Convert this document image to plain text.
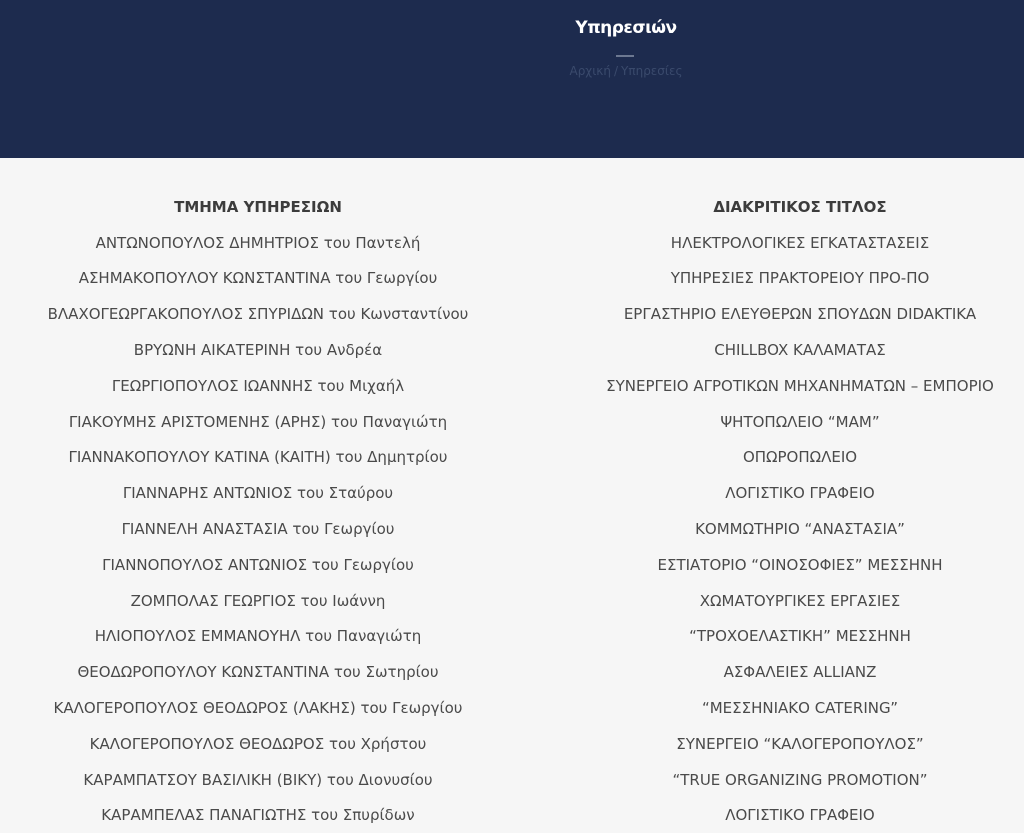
Υπηρεσιών
Αρχική / Υπηρεσίες
ΤΜΗΜΑ ΥΠΗΡΕΣΙΩΝ	ΔΙΑΚΡΙΤΙΚΟΣ ΤΙΤΛΟΣ
ΑΝΤΩΝΟΠΟΥΛΟΣ ΔΗΜΗΤΡΙΟΣ του Παντελή	ΗΛΕΚΤΡΟΛΟΓΙΚΕΣ ΕΓΚΑΤΑΣΤΑΣΕΙΣ
ΑΣΗΜΑΚΟΠΟΥΛΟΥ ΚΩΝΣΤΑΝΤΙΝΑ του Γεωργίου	ΥΠΗΡΕΣΙΕΣ ΠΡΑΚΤΟΡΕΙΟΥ ΠΡΟ-ΠΟ
ΒΛΑΧΟΓΕΩΡΓΑΚΟΠΟΥΛΟΣ ΣΠΥΡΙΔΩΝ του Κωνσταντίνου	ΕΡΓΑΣΤΗΡΙΟ ΕΛΕΥΘΕΡΩΝ ΣΠΟΥΔΩΝ DIDAKTIKA
ΒΡΥΩΝΗ ΑΙΚΑΤΕΡΙΝΗ του Ανδρέα	CHILLBOX ΚΑΛΑΜΑΤΑΣ
ΓΕΩΡΓΙΟΠΟΥΛΟΣ ΙΩΑΝΝΗΣ του Μιχαήλ	ΣΥΝΕΡΓΕΙΟ ΑΓΡΟΤΙΚΩΝ ΜΗΧΑΝΗΜΑΤΩΝ – ΕΜΠΟΡΙΟ
ΓΙΑΚΟΥΜΗΣ ΑΡΙΣΤΟΜΕΝΗΣ (ΑΡΗΣ) του Παναγιώτη	ΨΗΤΟΠΩΛΕΙΟ “ΜΑΜ”
ΓΙΑΝΝΑΚΟΠΟΥΛΟΥ ΚΑΤΙΝΑ (ΚΑΙΤΗ) του Δημητρίου	ΟΠΩΡΟΠΩΛΕΙΟ
ΓΙΑΝΝΑΡΗΣ ΑΝΤΩΝΙΟΣ του Σταύρου	ΛΟΓΙΣΤΙΚΟ ΓΡΑΦΕΙΟ
ΓΙΑΝΝΕΛΗ ΑΝΑΣΤΑΣΙΑ του Γεωργίου	ΚΟΜΜΩΤΗΡΙΟ “ΑΝΑΣΤΑΣΙΑ”
ΓΙΑΝΝΟΠΟΥΛΟΣ ΑΝΤΩΝΙΟΣ του Γεωργίου	ΕΣΤΙΑΤΟΡΙΟ “ΟΙΝΟΣΟΦΙΕΣ” ΜΕΣΣΗΝΗ
ΖΟΜΠΟΛΑΣ ΓΕΩΡΓΙΟΣ του Ιωάννη	ΧΩΜΑΤΟΥΡΓΙΚΕΣ ΕΡΓΑΣΙΕΣ
ΗΛΙΟΠΟΥΛΟΣ ΕΜΜΑΝΟΥΗΛ του Παναγιώτη	“ΤΡΟΧΟΕΛΑΣΤΙΚΗ” ΜΕΣΣΗΝΗ
ΘΕΟΔΩΡΟΠΟΥΛΟΥ ΚΩΝΣΤΑΝΤΙΝΑ του Σωτηρίου	ΑΣΦΑΛΕΙΕΣ ALLIANZ
ΚΑΛΟΓΕΡΟΠΟΥΛΟΣ ΘΕΟΔΩΡΟΣ (ΛΑΚΗΣ) του Γεωργίου	“ΜΕΣΣΗΝΙΑΚΟ CATERING”
ΚΑΛΟΓΕΡΟΠΟΥΛΟΣ ΘΕΟΔΩΡΟΣ του Χρήστου	ΣΥΝΕΡΓΕΙΟ “ΚΑΛΟΓΕΡΟΠΟΥΛΟΣ”
ΚΑΡΑΜΠΑΤΣΟΥ ΒΑΣΙΛΙΚΗ (ΒΙΚΥ) του Διονυσίου	“TRUE ORGANIZING PROMOTION”
ΚΑΡΑΜΠΕΛΑΣ ΠΑΝΑΓΙΩΤΗΣ του Σπυρίδων	ΛΟΓΙΣΤΙΚΟ ΓΡΑΦΕΙΟ
